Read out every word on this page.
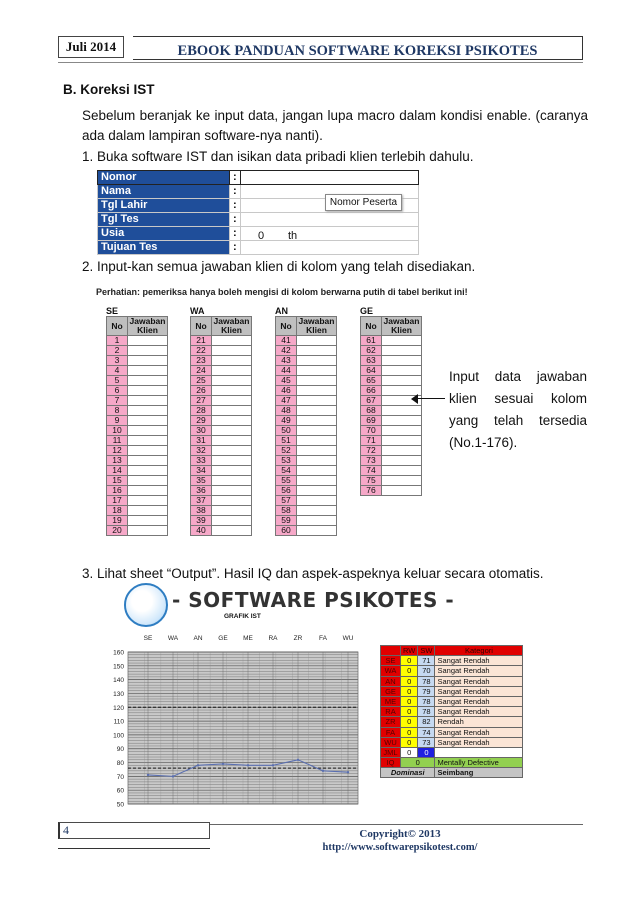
Juli 2014	EBOOK PANDUAN SOFTWARE KOREKSI PSIKOTES
B. Koreksi IST
Sebelum beranjak ke input data, jangan lupa macro dalam kondisi enable. (caranya
ada dalam lampiran software-nya nanti).
1. Buka software IST dan isikan data pribadi klien terlebih dahulu.
Nomor	:	
Nama	:	
Tgl Lahir	:	
Tgl Tes	:	
Usia	:	
Tujuan Tes	:	
Nomor Peserta
0 th
2. Input-kan semua jawaban klien di kolom yang telah disediakan.
Perhatian: pemeriksa hanya boleh mengisi di kolom berwarna putih di tabel berikut ini!
SE
No	Jawaban Klien
1	
2	
3	
4	
5	
6	
7	
8	
9	
10	
11	
12	
13	
14	
15	
16	
17	
18	
19	
20	
WA
No	Jawaban Klien
21	
22	
23	
24	
25	
26	
27	
28	
29	
30	
31	
32	
33	
34	
35	
36	
37	
38	
39	
40	
AN
No	Jawaban Klien
41	
42	
43	
44	
45	
46	
47	
48	
49	
50	
51	
52	
53	
54	
55	
56	
57	
58	
59	
60	
GE
No	Jawaban Klien
61	
62	
63	
64	
65	
66	
67	
68	
69	
70	
71	
72	
73	
74	
75	
76	
Input data jawaban
klien sesuai kolom
yang telah tersedia
(No.1-176).
3. Lihat sheet “Output”. Hasil IQ dan aspek-aspeknya keluar secara otomatis.
- SOFTWARE PSIKOTES -
GRAFIK IST
160
150
140
130
120
110
100
90
80
70
60
50
SE WA AN GE ME RA ZR	FA WU
	RW	SW	Kategori
SE	0	71	Sangat Rendah
WA	0	70	Sangat Rendah
AN	0	78	Sangat Rendah
GE	0	79	Sangat Rendah
ME	0	78	Sangat Rendah
RA	0	78	Sangat Rendah
ZR	0	82	Rendah
FA	0	74	Sangat Rendah
WU	0	73	Sangat Rendah
JML	0	0	
IQ	0		Mentally Defective
Dominasi			Seimbang
4	Copyright© 2013
http://www.softwarepsikotest.com/
